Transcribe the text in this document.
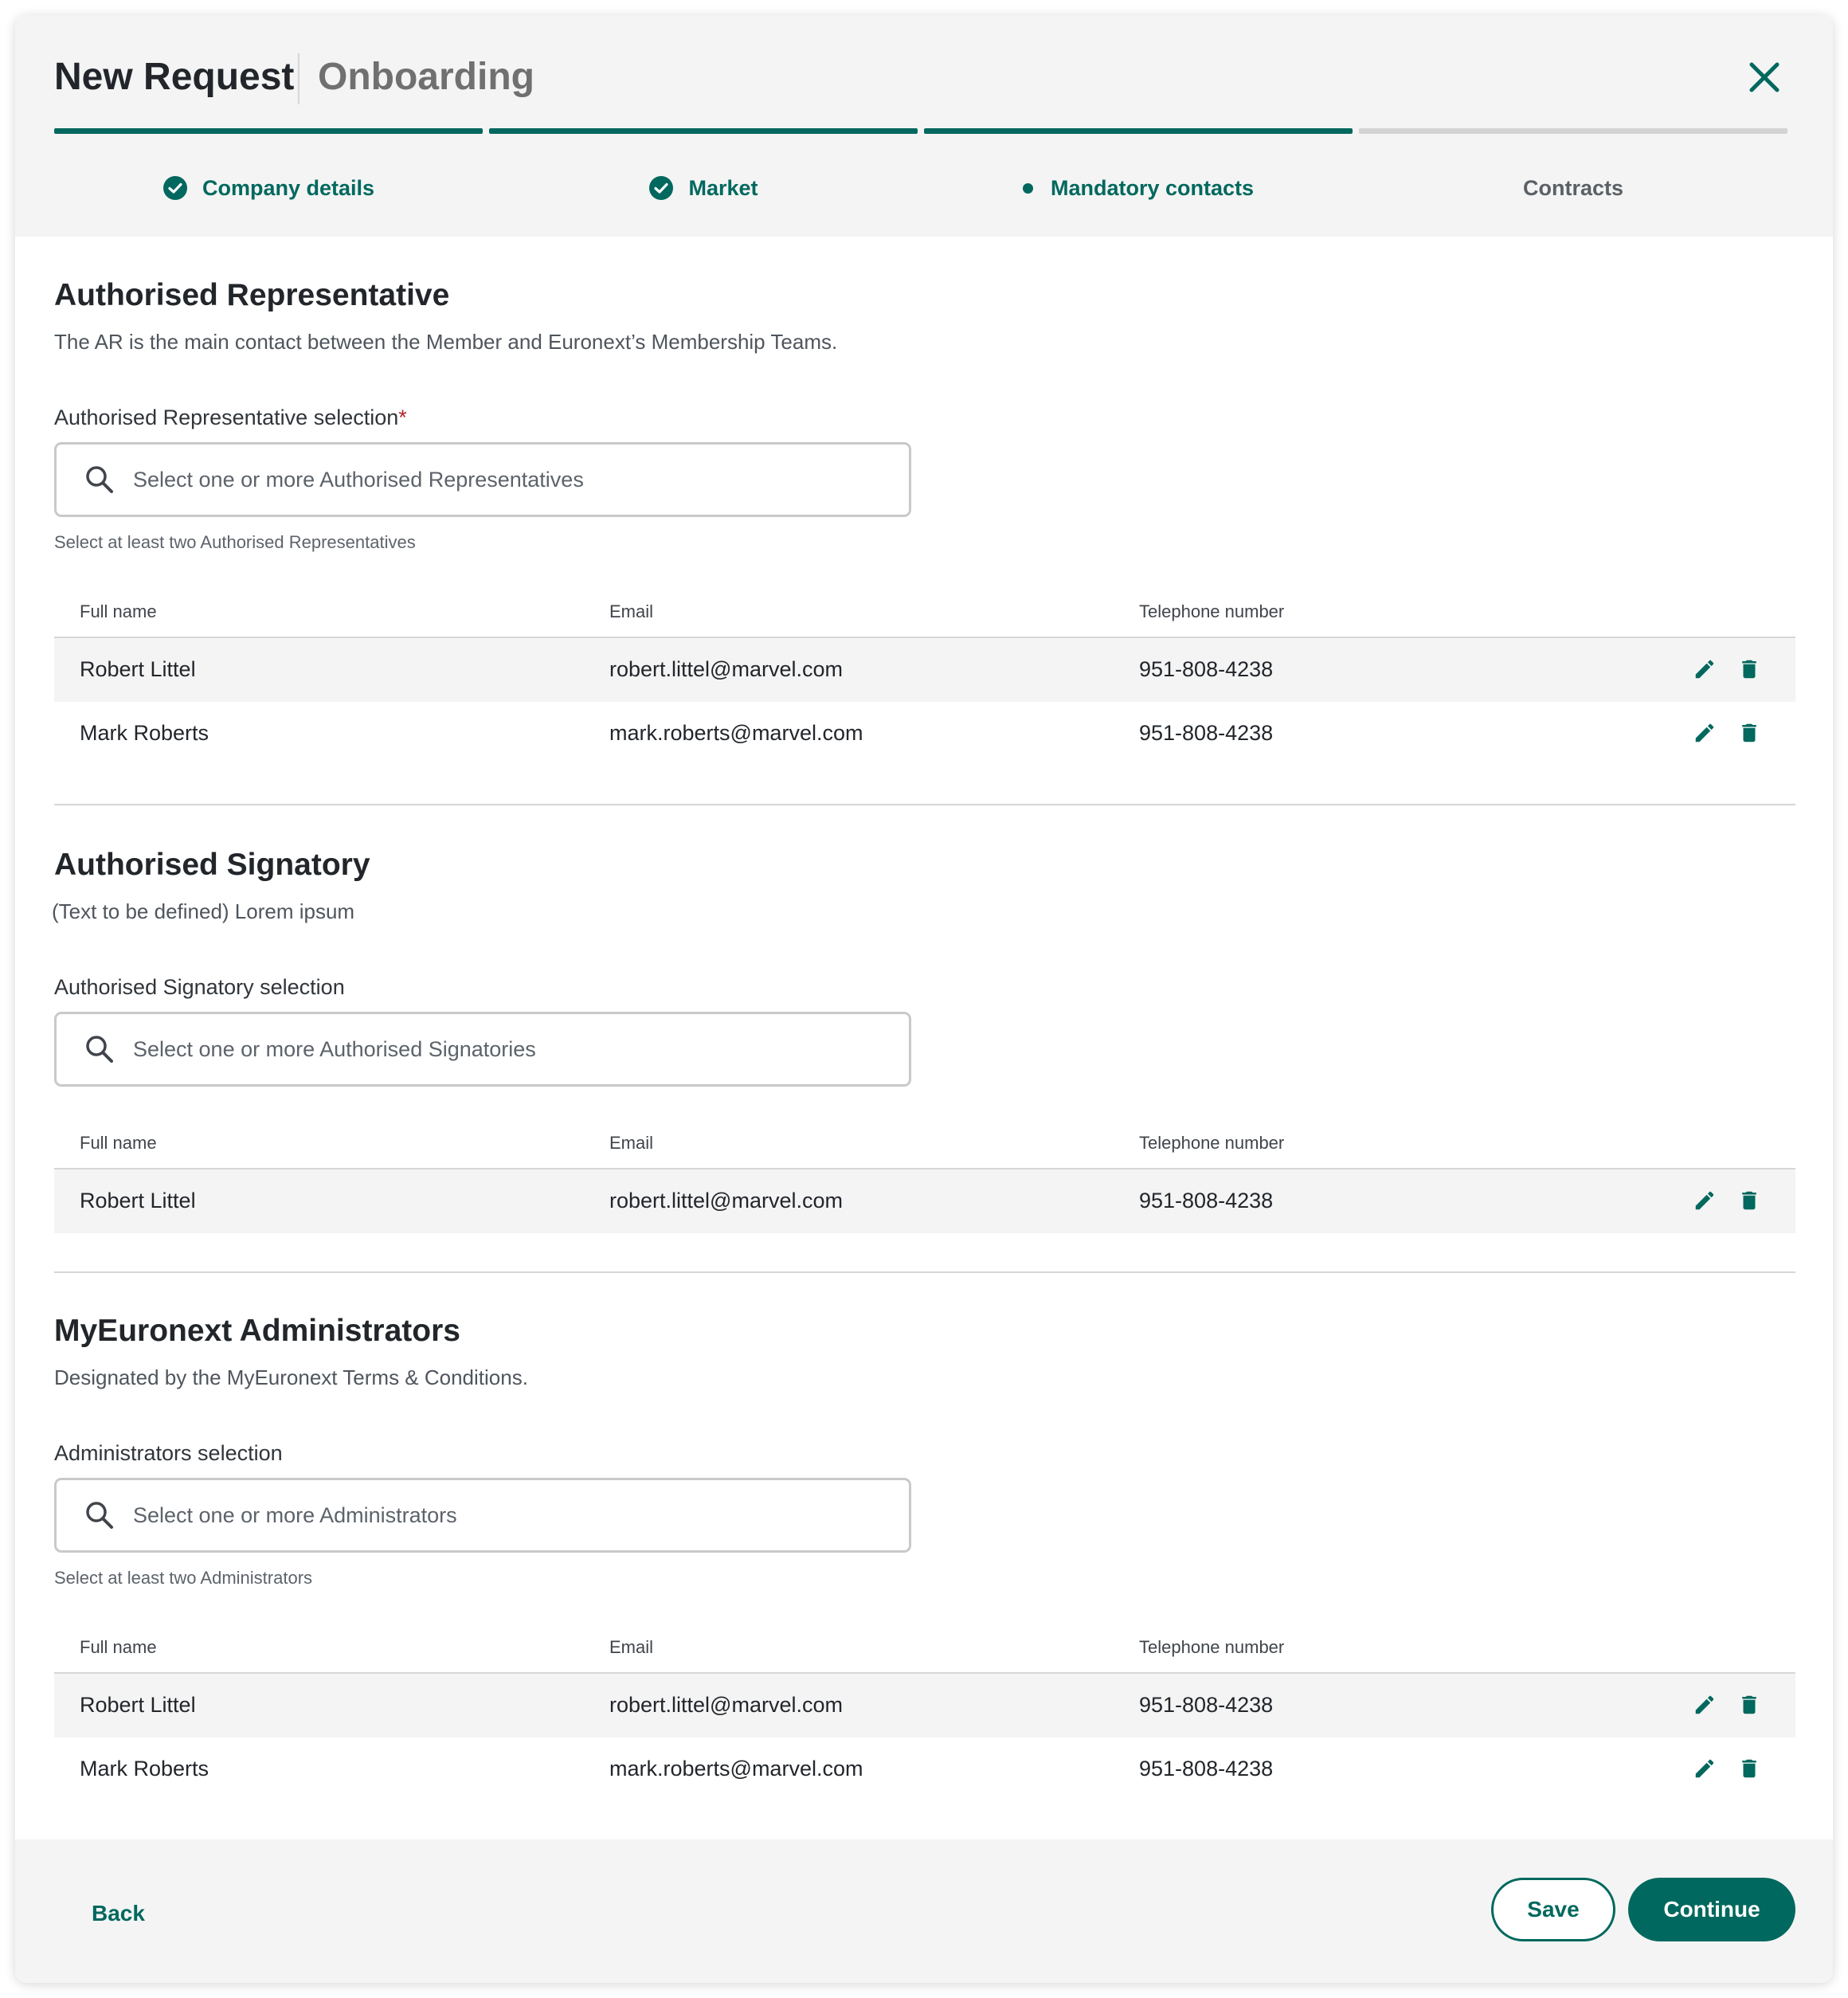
New Request Onboarding
Company details	Market	Mandatory contacts	Contracts
Authorised Representative
The AR is the main contact between the Member and Euronext’s Membership Teams.
Authorised Representative selection*
Select one or more Authorised Representatives
Select at least two Authorised Representatives
Full name	Email	Telephone number
Robert Littel	robert.littel@marvel.com	951-808-4238
Mark Roberts	mark.roberts@marvel.com	951-808-4238
Authorised Signatory
(Text to be defined) Lorem ipsum
Authorised Signatory selection
Select one or more Authorised Signatories
Full name	Email	Telephone number
Robert Littel	robert.littel@marvel.com	951-808-4238
MyEuronext Administrators
Designated by the MyEuronext Terms & Conditions.
Administrators selection
Select one or more Administrators
Select at least two Administrators
Full name	Email	Telephone number
Robert Littel	robert.littel@marvel.com	951-808-4238
Mark Roberts	mark.roberts@marvel.com	951-808-4238
Back	Save	Continue
